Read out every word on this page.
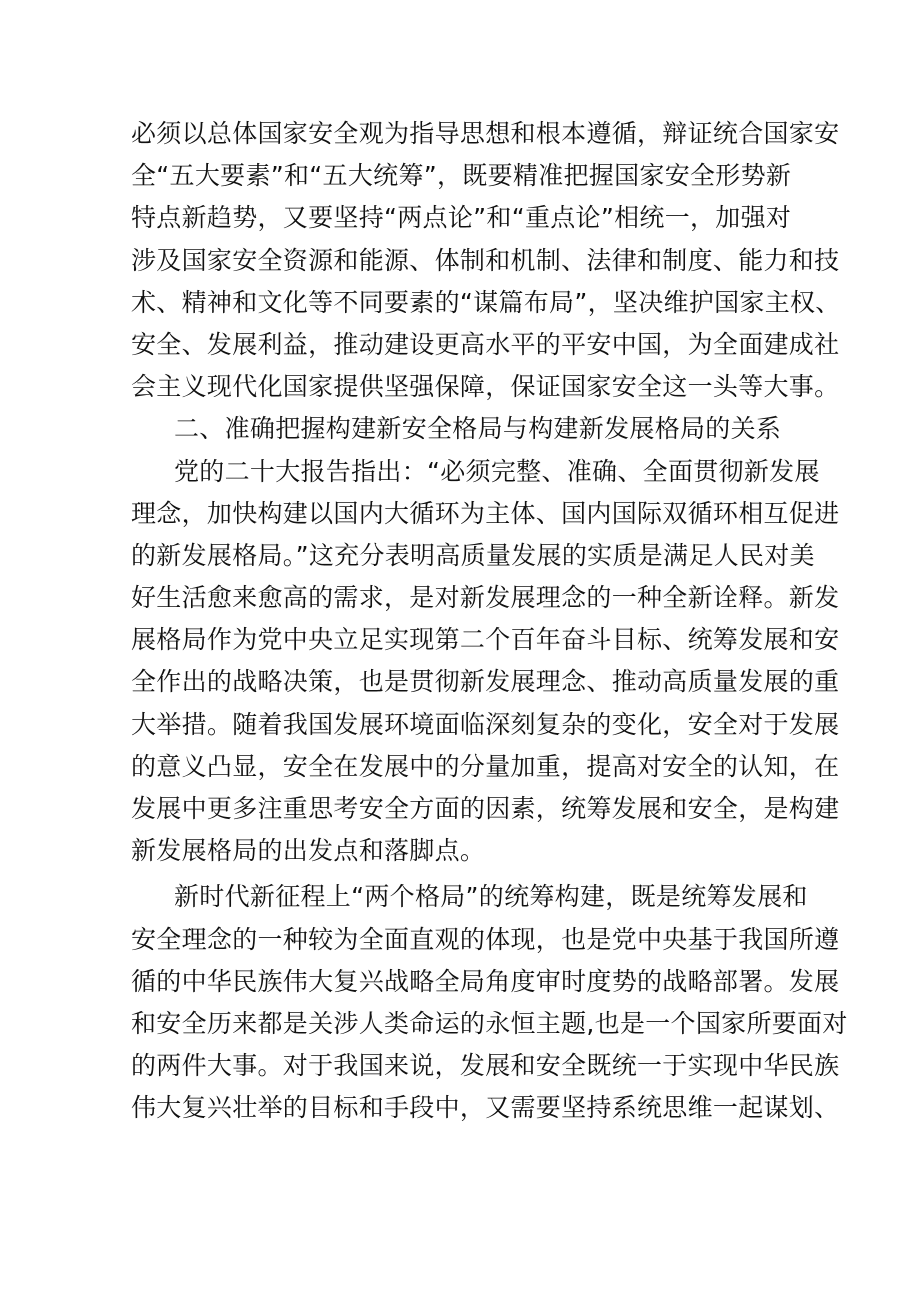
必须以总体国家安全观为指导思想和根本遵循，辩证统合国家安
全“五大要素”和“五大统筹”，既要精准把握国家安全形势新
特点新趋势，又要坚持“两点论”和“重点论”相统一，加强对
涉及国家安全资源和能源、体制和机制、法律和制度、能力和技
术、精神和文化等不同要素的“谋篇布局”，坚决维护国家主权、
安全、发展利益，推动建设更高水平的平安中国，为全面建成社
会主义现代化国家提供坚强保障，保证国家安全这一头等大事。
二、准确把握构建新安全格局与构建新发展格局的关系
党的二十大报告指出：“必须完整、准确、全面贯彻新发展
理念，加快构建以国内大循环为主体、国内国际双循环相互促进
的新发展格局。”这充分表明高质量发展的实质是满足人民对美
好生活愈来愈高的需求，是对新发展理念的一种全新诠释。新发
展格局作为党中央立足实现第二个百年奋斗目标、统筹发展和安
全作出的战略决策，也是贯彻新发展理念、推动高质量发展的重
大举措。随着我国发展环境面临深刻复杂的变化，安全对于发展
的意义凸显，安全在发展中的分量加重，提高对安全的认知，在
发展中更多注重思考安全方面的因素，统筹发展和安全，是构建
新发展格局的出发点和落脚点。
新时代新征程上“两个格局”的统筹构建，既是统筹发展和
安全理念的一种较为全面直观的体现，也是党中央基于我国所遵
循的中华民族伟大复兴战略全局角度审时度势的战略部署。发展
和安全历来都是关涉人类命运的永恒主题,也是一个国家所要面对
的两件大事。对于我国来说，发展和安全既统一于实现中华民族
伟大复兴壮举的目标和手段中，又需要坚持系统思维一起谋划、
